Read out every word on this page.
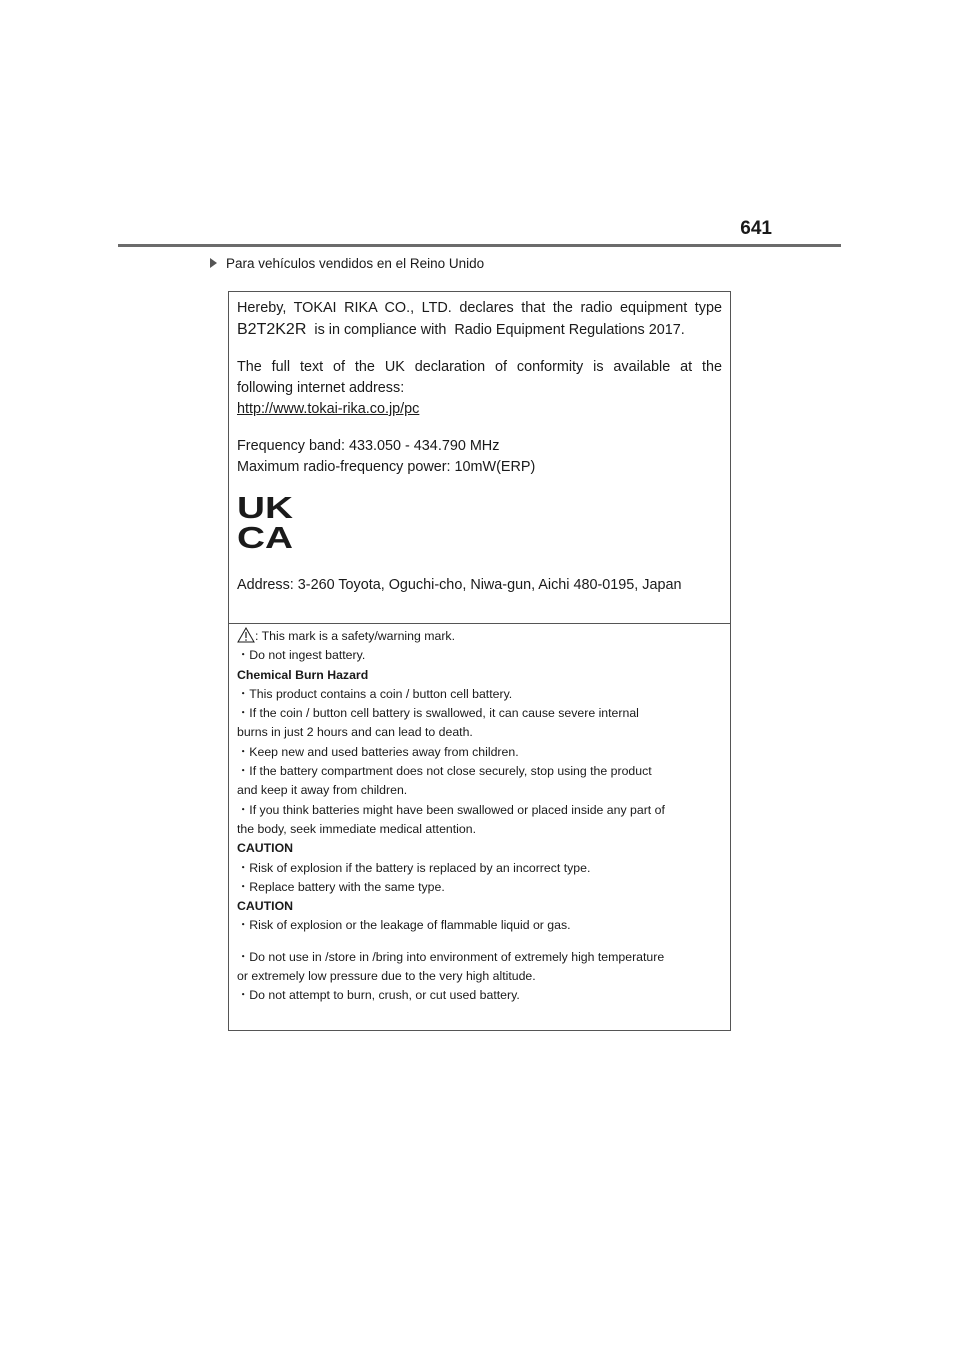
641
Para vehículos vendidos en el Reino Unido

Hereby, TOKAI RIKA CO., LTD. declares that the radio equipment type

B2T2K2R  is in compliance with  Radio Equipment Regulations 2017.

The full text of the UK declaration of conformity is available at the

following internet address:

http://www.tokai-rika.co.jp/pc

Frequency band: 433.050 - 434.790 MHz

Maximum radio-frequency power: 10mW(ERP)

UK
CA

Address: 3-260 Toyota, Oguchi-cho, Niwa-gun, Aichi 480-0195, Japan

: This mark is a safety/warning mark.

・Do not ingest battery.

Chemical Burn Hazard

・This product contains a coin / button cell battery.

・If the coin / button cell battery is swallowed, it can cause severe internal

burns in just 2 hours and can lead to death.

・Keep new and used batteries away from children.

・If the battery compartment does not close securely, stop using the product

and keep it away from children.

・If you think batteries might have been swallowed or placed inside any part of

the body, seek immediate medical attention.

CAUTION

・Risk of explosion if the battery is replaced by an incorrect type.

・Replace battery with the same type.

CAUTION

・Risk of explosion or the leakage of flammable liquid or gas.

・Do not use in /store in /bring into environment of extremely high temperature

or extremely low pressure due to the very high altitude.

・Do not attempt to burn, crush, or cut used battery.
